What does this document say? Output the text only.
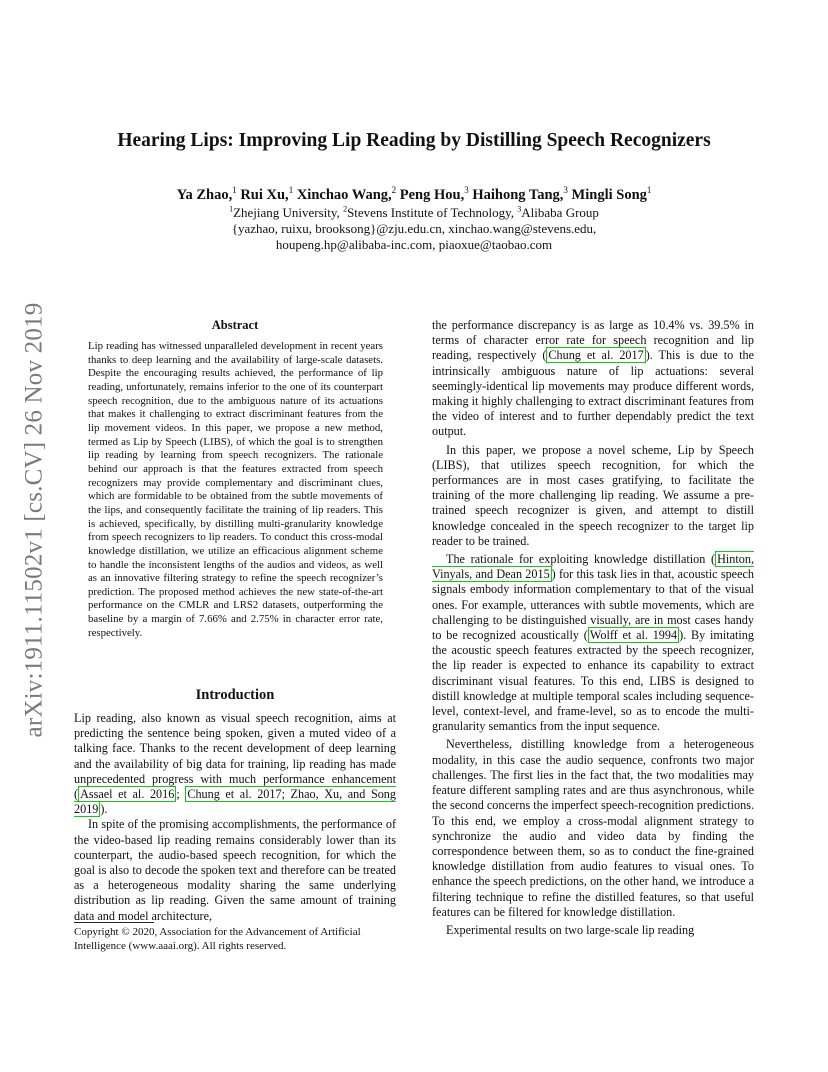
arXiv:1911.11502v1 [cs.CV] 26 Nov 2019
Hearing Lips: Improving Lip Reading by Distilling Speech Recognizers
Ya Zhao,$^1$ Rui Xu,$^1$ Xinchao Wang,$^2$ Peng Hou,$^3$ Haihong Tang,$^3$ Mingli Song$^1$
$^1$Zhejiang University, $^2$Stevens Institute of Technology, $^3$Alibaba Group
{yazhao, ruixu, brooksong}@zju.edu.cn, xinchao.wang@stevens.edu,
houpeng.hp@alibaba-inc.com, piaoxue@taobao.com
Abstract
Lip reading has witnessed unparalleled development in recent years thanks to deep learning and the availability of large-scale datasets. Despite the encouraging results achieved, the performance of lip reading, unfortunately, remains inferior to the one of its counterpart speech recognition, due to the ambiguous nature of its actuations that makes it challenging to extract discriminant features from the lip movement videos. In this paper, we propose a new method, termed as Lip by Speech (LIBS), of which the goal is to strengthen lip reading by learning from speech recognizers. The rationale behind our approach is that the features extracted from speech recognizers may provide complementary and discriminant clues, which are formidable to be obtained from the subtle movements of the lips, and consequently facilitate the training of lip readers. This is achieved, specifically, by distilling multi-granularity knowledge from speech recognizers to lip readers. To conduct this cross-modal knowledge distillation, we utilize an efficacious alignment scheme to handle the inconsistent lengths of the audios and videos, as well as an innovative filtering strategy to refine the speech recognizer’s prediction. The proposed method achieves the new state-of-the-art performance on the CMLR and LRS2 datasets, outperforming the baseline by a margin of 7.66% and 2.75% in character error rate, respectively.
Introduction

Lip reading, also known as visual speech recognition, aims at predicting the sentence being spoken, given a muted video of a talking face. Thanks to the recent development of deep learning and the availability of big data for training, lip reading has made unprecedented progress with much performance enhancement ( Assael et al. 2016 ; Chung et al. 2017; Zhao, Xu, and Song 2019 ).

In spite of the promising accomplishments, the performance of the video-based lip reading remains considerably lower than its counterpart, the audio-based speech recognition, for which the goal is also to decode the spoken text and therefore can be treated as a heterogeneous modality sharing the same underlying distribution as lip reading. Given the same amount of training data and model architecture,

Copyright © 2020, Association for the Advancement of Artificial Intelligence (www.aaai.org). All rights reserved.

the performance discrepancy is as large as 10.4% vs. 39.5% in terms of character error rate for speech recognition and lip reading, respectively ( Chung et al. 2017 ). This is due to the intrinsically ambiguous nature of lip actuations: several seemingly-identical lip movements may produce different words, making it highly challenging to extract discriminant features from the video of interest and to further dependably predict the text output.

In this paper, we propose a novel scheme, Lip by Speech (LIBS), that utilizes speech recognition, for which the performances are in most cases gratifying, to facilitate the training of the more challenging lip reading. We assume a pre-trained speech recognizer is given, and attempt to distill knowledge concealed in the speech recognizer to the target lip reader to be trained.

The rationale for exploiting knowledge distillation ( Hinton, Vinyals, and Dean 2015 ) for this task lies in that, acoustic speech signals embody information complementary to that of the visual ones. For example, utterances with subtle movements, which are challenging to be distinguished visually, are in most cases handy to be recognized acoustically ( Wolff et al. 1994 ). By imitating the acoustic speech features extracted by the speech recognizer, the lip reader is expected to enhance its capability to extract discriminant visual features. To this end, LIBS is designed to distill knowledge at multiple temporal scales including sequence-level, context-level, and frame-level, so as to encode the multi-granularity semantics from the input sequence.

Nevertheless, distilling knowledge from a heterogeneous modality, in this case the audio sequence, confronts two major challenges. The first lies in the fact that, the two modalities may feature different sampling rates and are thus asynchronous, while the second concerns the imperfect speech-recognition predictions. To this end, we employ a cross-modal alignment strategy to synchronize the audio and video data by finding the correspondence between them, so as to conduct the fine-grained knowledge distillation from audio features to visual ones. To enhance the speech predictions, on the other hand, we introduce a filtering technique to refine the distilled features, so that useful features can be filtered for knowledge distillation.

Experimental results on two large-scale lip reading
